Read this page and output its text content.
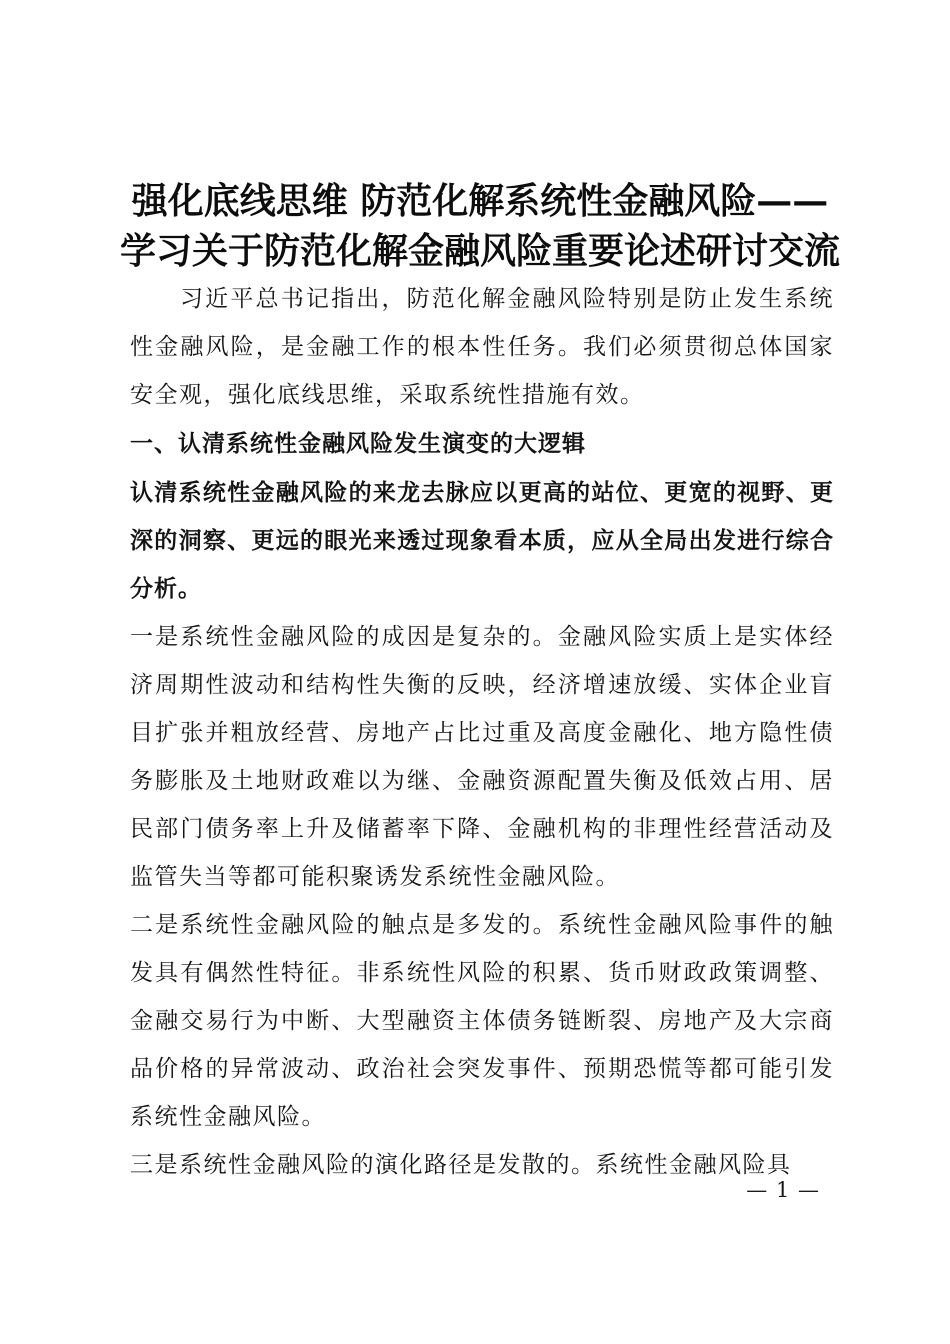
强化底线思维 防范化解系统性金融风险——
学习关于防范化解金融风险重要论述研讨交流

习近平总书记指出，防范化解金融风险特别是防止发生系统性金融风险，是金融工作的根本性任务。我们必须贯彻总体国家安全观，强化底线思维，采取系统性措施有效。

一、认清系统性金融风险发生演变的大逻辑

认清系统性金融风险的来龙去脉应以更高的站位、更宽的视野、更深的洞察、更远的眼光来透过现象看本质，应从全局出发进行综合分析。

一是系统性金融风险的成因是复杂的。金融风险实质上是实体经济周期性波动和结构性失衡的反映，经济增速放缓、实体企业盲目扩张并粗放经营、房地产占比过重及高度金融化、地方隐性债务膨胀及土地财政难以为继、金融资源配置失衡及低效占用、居民部门债务率上升及储蓄率下降、金融机构的非理性经营活动及监管失当等都可能积聚诱发系统性金融风险。

二是系统性金融风险的触点是多发的。系统性金融风险事件的触发具有偶然性特征。非系统性风险的积累、货币财政政策调整、金融交易行为中断、大型融资主体债务链断裂、房地产及大宗商品价格的异常波动、政治社会突发事件、预期恐慌等都可能引发系统性金融风险。

三是系统性金融风险的演化路径是发散的。系统性金融风险具

— 1 —
